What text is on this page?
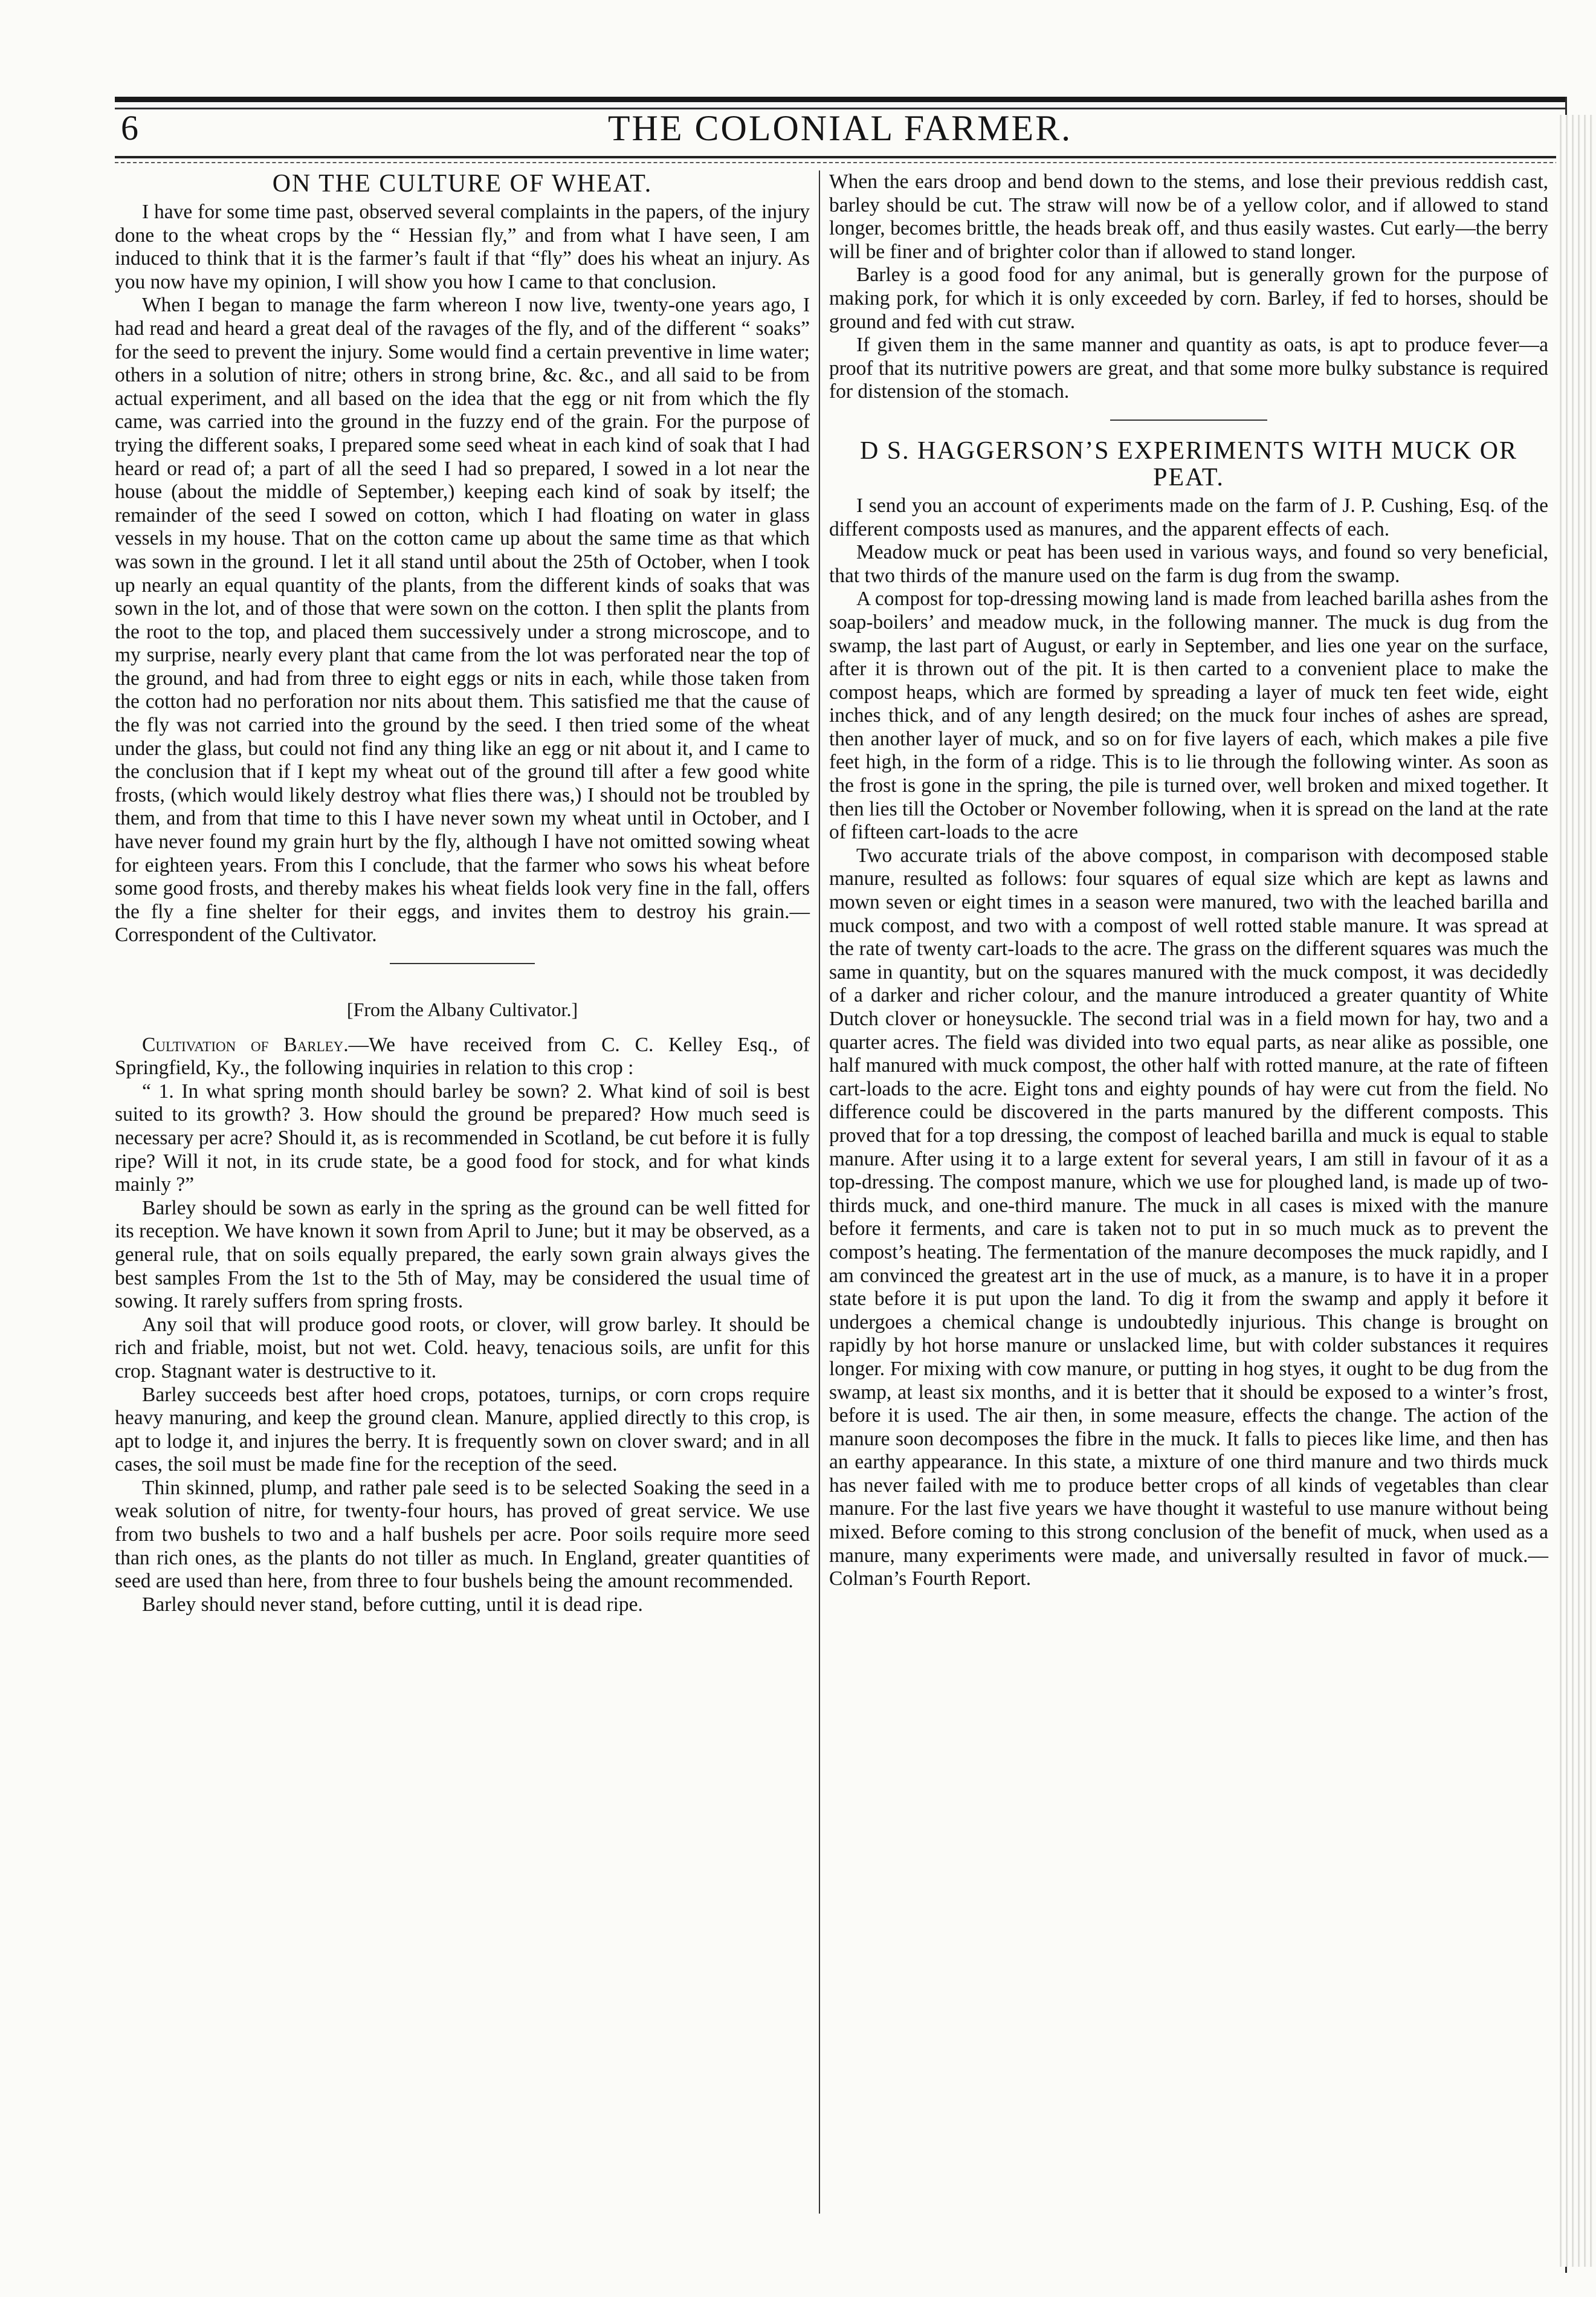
6	THE COLONIAL FARMER.
ON THE CULTURE OF WHEAT.

I have for some time past, observed several complaints in the papers, of the injury done to the wheat crops by the “ Hessian fly,” and from what I have seen, I am induced to think that it is the farmer’s fault if that “fly” does his wheat an injury. As you now have my opinion, I will show you how I came to that conclusion.

When I began to manage the farm whereon I now live, twenty-one years ago, I had read and heard a great deal of the ravages of the fly, and of the different “ soaks” for the seed to prevent the injury. Some would find a certain preventive in lime water; others in a solution of nitre; others in strong brine, &c. &c., and all said to be from actual experiment, and all based on the idea that the egg or nit from which the fly came, was carried into the ground in the fuzzy end of the grain. For the purpose of trying the different soaks, I prepared some seed wheat in each kind of soak that I had heard or read of; a part of all the seed I had so prepared, I sowed in a lot near the house (about the middle of September,) keeping each kind of soak by itself; the remainder of the seed I sowed on cotton, which I had floating on water in glass vessels in my house. That on the cotton came up about the same time as that which was sown in the ground. I let it all stand until about the 25th of October, when I took up nearly an equal quantity of the plants, from the different kinds of soaks that was sown in the lot, and of those that were sown on the cotton. I then split the plants from the root to the top, and placed them successively under a strong microscope, and to my surprise, nearly every plant that came from the lot was perforated near the top of the ground, and had from three to eight eggs or nits in each, while those taken from the cotton had no perforation nor nits about them. This satisfied me that the cause of the fly was not carried into the ground by the seed. I then tried some of the wheat under the glass, but could not find any thing like an egg or nit about it, and I came to the conclusion that if I kept my wheat out of the ground till after a few good white frosts, (which would likely destroy what flies there was,) I should not be troubled by them, and from that time to this I have never sown my wheat until in October, and I have never found my grain hurt by the fly, although I have not omitted sowing wheat for eighteen years. From this I conclude, that the farmer who sows his wheat before some good frosts, and thereby makes his wheat fields look very fine in the fall, offers the fly a fine shelter for their eggs, and invites them to destroy his grain.—Correspondent of the Cultivator.

[From the Albany Cultivator.]

Cultivation of Barley.—We have received from C. C. Kelley Esq., of Springfield, Ky., the following inquiries in relation to this crop :

“ 1. In what spring month should barley be sown? 2. What kind of soil is best suited to its growth? 3. How should the ground be prepared? How much seed is necessary per acre? Should it, as is recommended in Scotland, be cut before it is fully ripe? Will it not, in its crude state, be a good food for stock, and for what kinds mainly ?”

Barley should be sown as early in the spring as the ground can be well fitted for its reception. We have known it sown from April to June; but it may be observed, as a general rule, that on soils equally prepared, the early sown grain always gives the best samples From the 1st to the 5th of May, may be considered the usual time of sowing. It rarely suffers from spring frosts.

Any soil that will produce good roots, or clover, will grow barley. It should be rich and friable, moist, but not wet. Cold. heavy, tenacious soils, are unfit for this crop. Stagnant water is destructive to it.

Barley succeeds best after hoed crops, potatoes, turnips, or corn crops require heavy manuring, and keep the ground clean. Manure, applied directly to this crop, is apt to lodge it, and injures the berry. It is frequently sown on clover sward; and in all cases, the soil must be made fine for the reception of the seed.

Thin skinned, plump, and rather pale seed is to be selected Soaking the seed in a weak solution of nitre, for twenty-four hours, has proved of great service. We use from two bushels to two and a half bushels per acre. Poor soils require more seed than rich ones, as the plants do not tiller as much. In England, greater quantities of seed are used than here, from three to four bushels being the amount recommended.

Barley should never stand, before cutting, until it is dead ripe.

When the ears droop and bend down to the stems, and lose their previous reddish cast, barley should be cut. The straw will now be of a yellow color, and if allowed to stand longer, becomes brittle, the heads break off, and thus easily wastes. Cut early—the berry will be finer and of brighter color than if allowed to stand longer.

Barley is a good food for any animal, but is generally grown for the purpose of making pork, for which it is only exceeded by corn. Barley, if fed to horses, should be ground and fed with cut straw.

If given them in the same manner and quantity as oats, is apt to produce fever—a proof that its nutritive powers are great, and that some more bulky substance is required for distension of the stomach.

D S. HAGGERSON’S EXPERIMENTS WITH MUCK OR PEAT.

I send you an account of experiments made on the farm of J. P. Cushing, Esq. of the different composts used as manures, and the apparent effects of each.

Meadow muck or peat has been used in various ways, and found so very beneficial, that two thirds of the manure used on the farm is dug from the swamp.

A compost for top-dressing mowing land is made from leached barilla ashes from the soap-boilers’ and meadow muck, in the following manner. The muck is dug from the swamp, the last part of August, or early in September, and lies one year on the surface, after it is thrown out of the pit. It is then carted to a convenient place to make the compost heaps, which are formed by spreading a layer of muck ten feet wide, eight inches thick, and of any length desired; on the muck four inches of ashes are spread, then another layer of muck, and so on for five layers of each, which makes a pile five feet high, in the form of a ridge. This is to lie through the following winter. As soon as the frost is gone in the spring, the pile is turned over, well broken and mixed together. It then lies till the October or November following, when it is spread on the land at the rate of fifteen cart-loads to the acre

Two accurate trials of the above compost, in comparison with decomposed stable manure, resulted as follows: four squares of equal size which are kept as lawns and mown seven or eight times in a season were manured, two with the leached barilla and muck compost, and two with a compost of well rotted stable manure. It was spread at the rate of twenty cart-loads to the acre. The grass on the different squares was much the same in quantity, but on the squares manured with the muck compost, it was decidedly of a darker and richer colour, and the manure introduced a greater quantity of White Dutch clover or honeysuckle. The second trial was in a field mown for hay, two and a quarter acres. The field was divided into two equal parts, as near alike as possible, one half manured with muck compost, the other half with rotted manure, at the rate of fifteen cart-loads to the acre. Eight tons and eighty pounds of hay were cut from the field. No difference could be discovered in the parts manured by the different composts. This proved that for a top dressing, the compost of leached barilla and muck is equal to stable manure. After using it to a large extent for several years, I am still in favour of it as a top-dressing. The compost manure, which we use for ploughed land, is made up of two-thirds muck, and one-third manure. The muck in all cases is mixed with the manure before it ferments, and care is taken not to put in so much muck as to prevent the compost’s heating. The fermentation of the manure decomposes the muck rapidly, and I am convinced the greatest art in the use of muck, as a manure, is to have it in a proper state before it is put upon the land. To dig it from the swamp and apply it before it undergoes a chemical change is undoubtedly injurious. This change is brought on rapidly by hot horse manure or unslacked lime, but with colder substances it requires longer. For mixing with cow manure, or putting in hog styes, it ought to be dug from the swamp, at least six months, and it is better that it should be exposed to a winter’s frost, before it is used. The air then, in some measure, effects the change. The action of the manure soon decomposes the fibre in the muck. It falls to pieces like lime, and then has an earthy appearance. In this state, a mixture of one third manure and two thirds muck has never failed with me to produce better crops of all kinds of vegetables than clear manure. For the last five years we have thought it wasteful to use manure without being mixed. Before coming to this strong conclusion of the benefit of muck, when used as a manure, many experiments were made, and universally resulted in favor of muck.—Colman’s Fourth Report.
